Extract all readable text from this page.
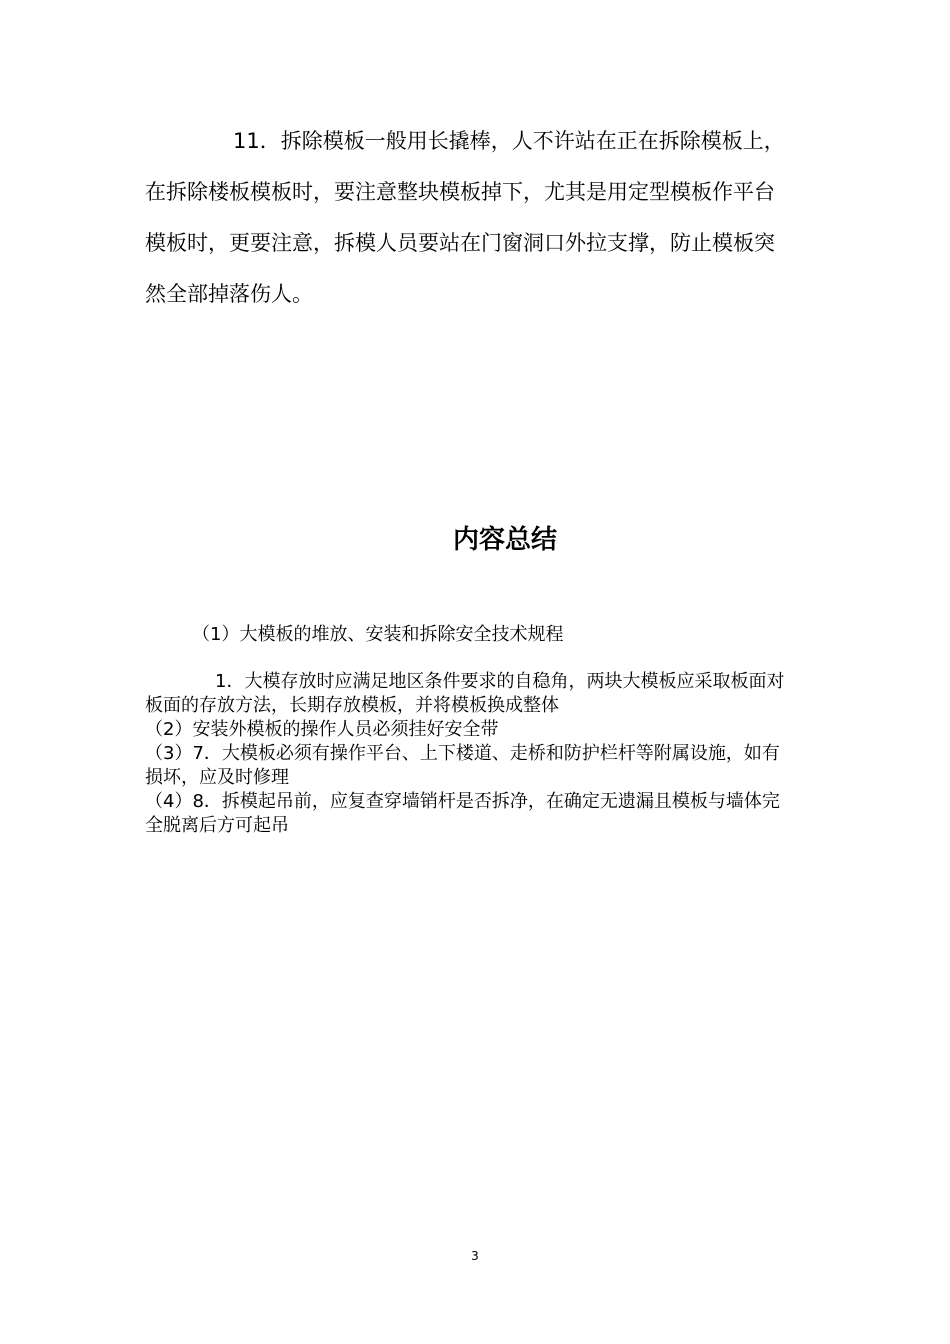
11．拆除模板一般用长撬棒，人不许站在正在拆除模板上，在拆除楼板模板时，要注意整块模板掉下，尤其是用定型模板作平台模板时，更要注意，拆模人员要站在门窗洞口外拉支撑，防止模板突然全部掉落伤人。

内容总结

（1）大模板的堆放、安装和拆除安全技术规程

1．大模存放时应满足地区条件要求的自稳角，两块大模板应采取板面对板面的存放方法，长期存放模板，并将模板换成整体

（2）安装外模板的操作人员必须挂好安全带

（3）7．大模板必须有操作平台、上下楼道、走桥和防护栏杆等附属设施，如有损坏，应及时修理

（4）8．拆模起吊前，应复查穿墙销杆是否拆净，在确定无遗漏且模板与墙体完全脱离后方可起吊

3
